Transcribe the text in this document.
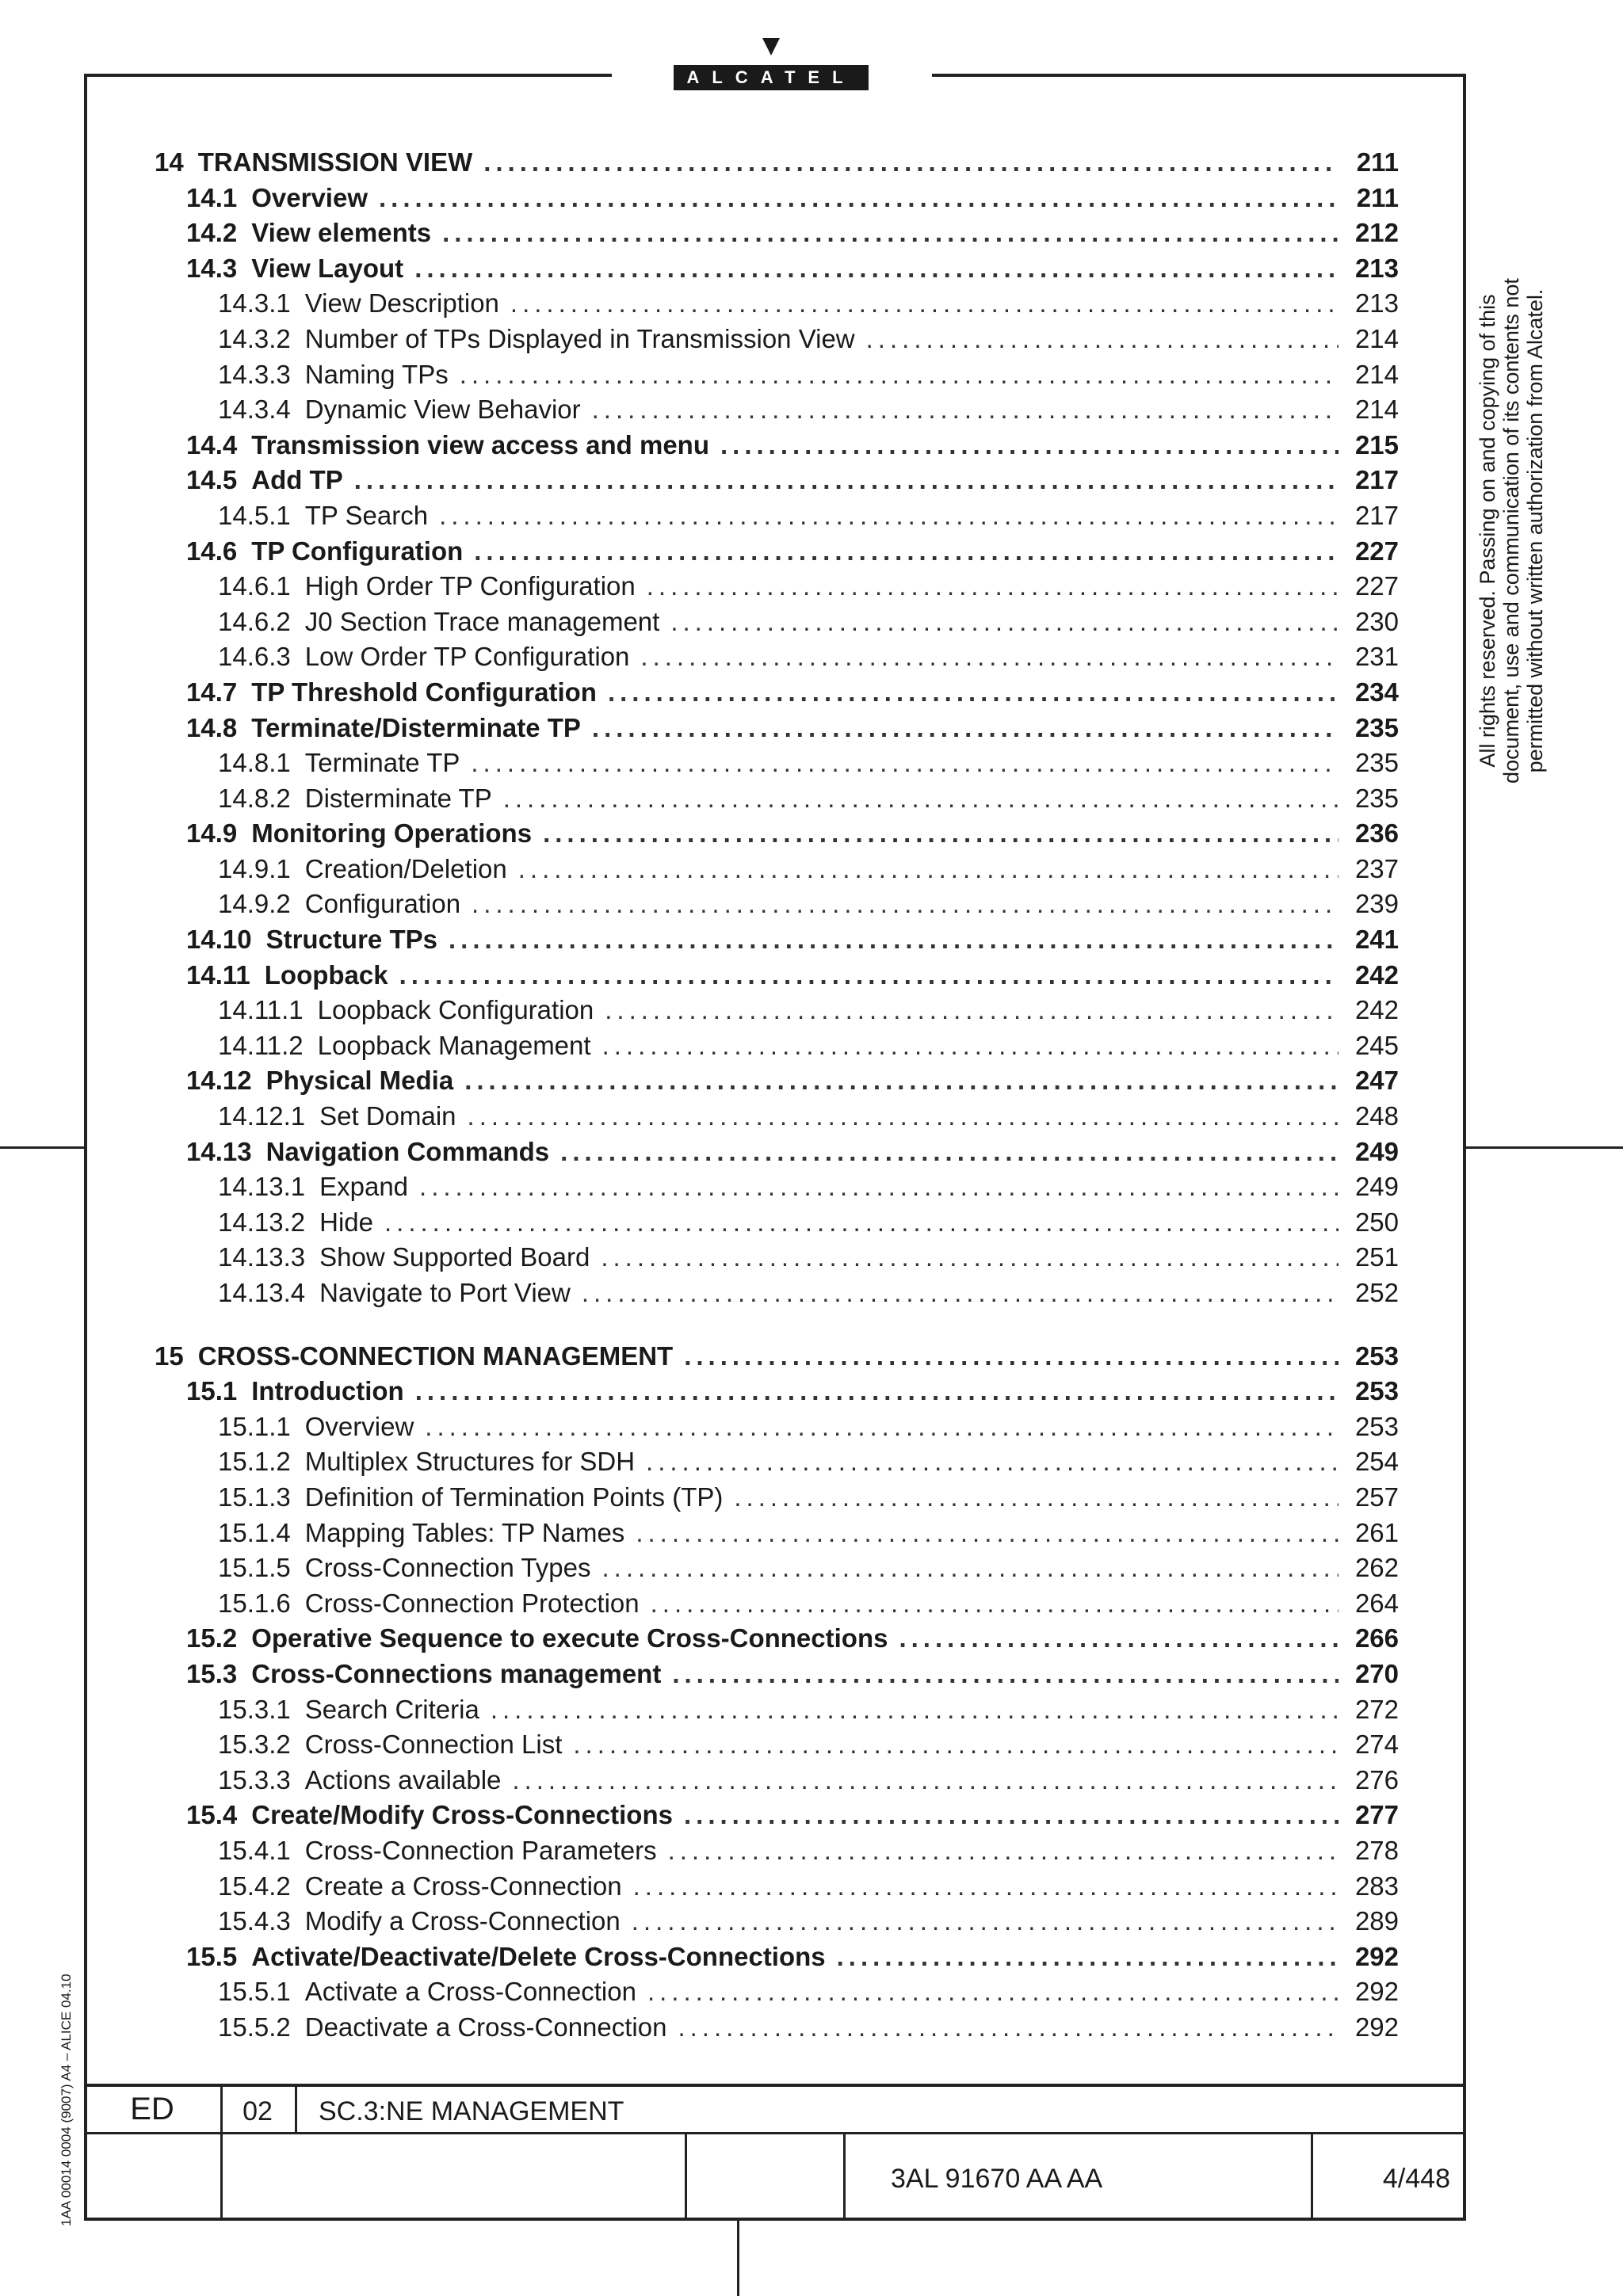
ALCATEL
14 TRANSMISSION VIEW .....	211
14.1 Overview .....	211
14.2 View elements .....	212
14.3 View Layout .....	213
14.3.1 View Description .....	213
14.3.2 Number of TPs Displayed in Transmission View .....	214
14.3.3 Naming TPs .....	214
14.3.4 Dynamic View Behavior .....	214
14.4 Transmission view access and menu .....	215
14.5 Add TP .....	217
14.5.1 TP Search .....	217
14.6 TP Configuration .....	227
14.6.1 High Order TP Configuration .....	227
14.6.2 J0 Section Trace management .....	230
14.6.3 Low Order TP Configuration .....	231
14.7 TP Threshold Configuration .....	234
14.8 Terminate/Disterminate TP .....	235
14.8.1 Terminate TP .....	235
14.8.2 Disterminate TP .....	235
14.9 Monitoring Operations .....	236
14.9.1 Creation/Deletion .....	237
14.9.2 Configuration .....	239
14.10 Structure TPs .....	241
14.11 Loopback .....	242
14.11.1 Loopback Configuration .....	242
14.11.2 Loopback Management .....	245
14.12 Physical Media .....	247
14.12.1 Set Domain .....	248
14.13 Navigation Commands .....	249
14.13.1 Expand .....	249
14.13.2 Hide .....	250
14.13.3 Show Supported Board .....	251
14.13.4 Navigate to Port View .....	252
15 CROSS-CONNECTION MANAGEMENT .....	253
15.1 Introduction .....	253
15.1.1 Overview .....	253
15.1.2 Multiplex Structures for SDH .....	254
15.1.3 Definition of Termination Points (TP) .....	257
15.1.4 Mapping Tables: TP Names .....	261
15.1.5 Cross-Connection Types .....	262
15.1.6 Cross-Connection Protection .....	264
15.2 Operative Sequence to execute Cross-Connections .....	266
15.3 Cross-Connections management .....	270
15.3.1 Search Criteria .....	272
15.3.2 Cross-Connection List .....	274
15.3.3 Actions available .....	276
15.4 Create/Modify Cross-Connections .....	277
15.4.1 Cross-Connection Parameters .....	278
15.4.2 Create a Cross-Connection .....	283
15.4.3 Modify a Cross-Connection .....	289
15.5 Activate/Deactivate/Delete Cross-Connections .....	292
15.5.1 Activate a Cross-Connection .....	292
15.5.2 Deactivate a Cross-Connection .....	292
All rights reserved. Passing on and copying of this document, use and communication of its contents not permitted without written authorization from Alcatel.
1AA 00014 0004 (9007) A4 – ALICE 04.10	ED	02	SC.3:NE MANAGEMENT
3AL 91670 AA AA	4/448
